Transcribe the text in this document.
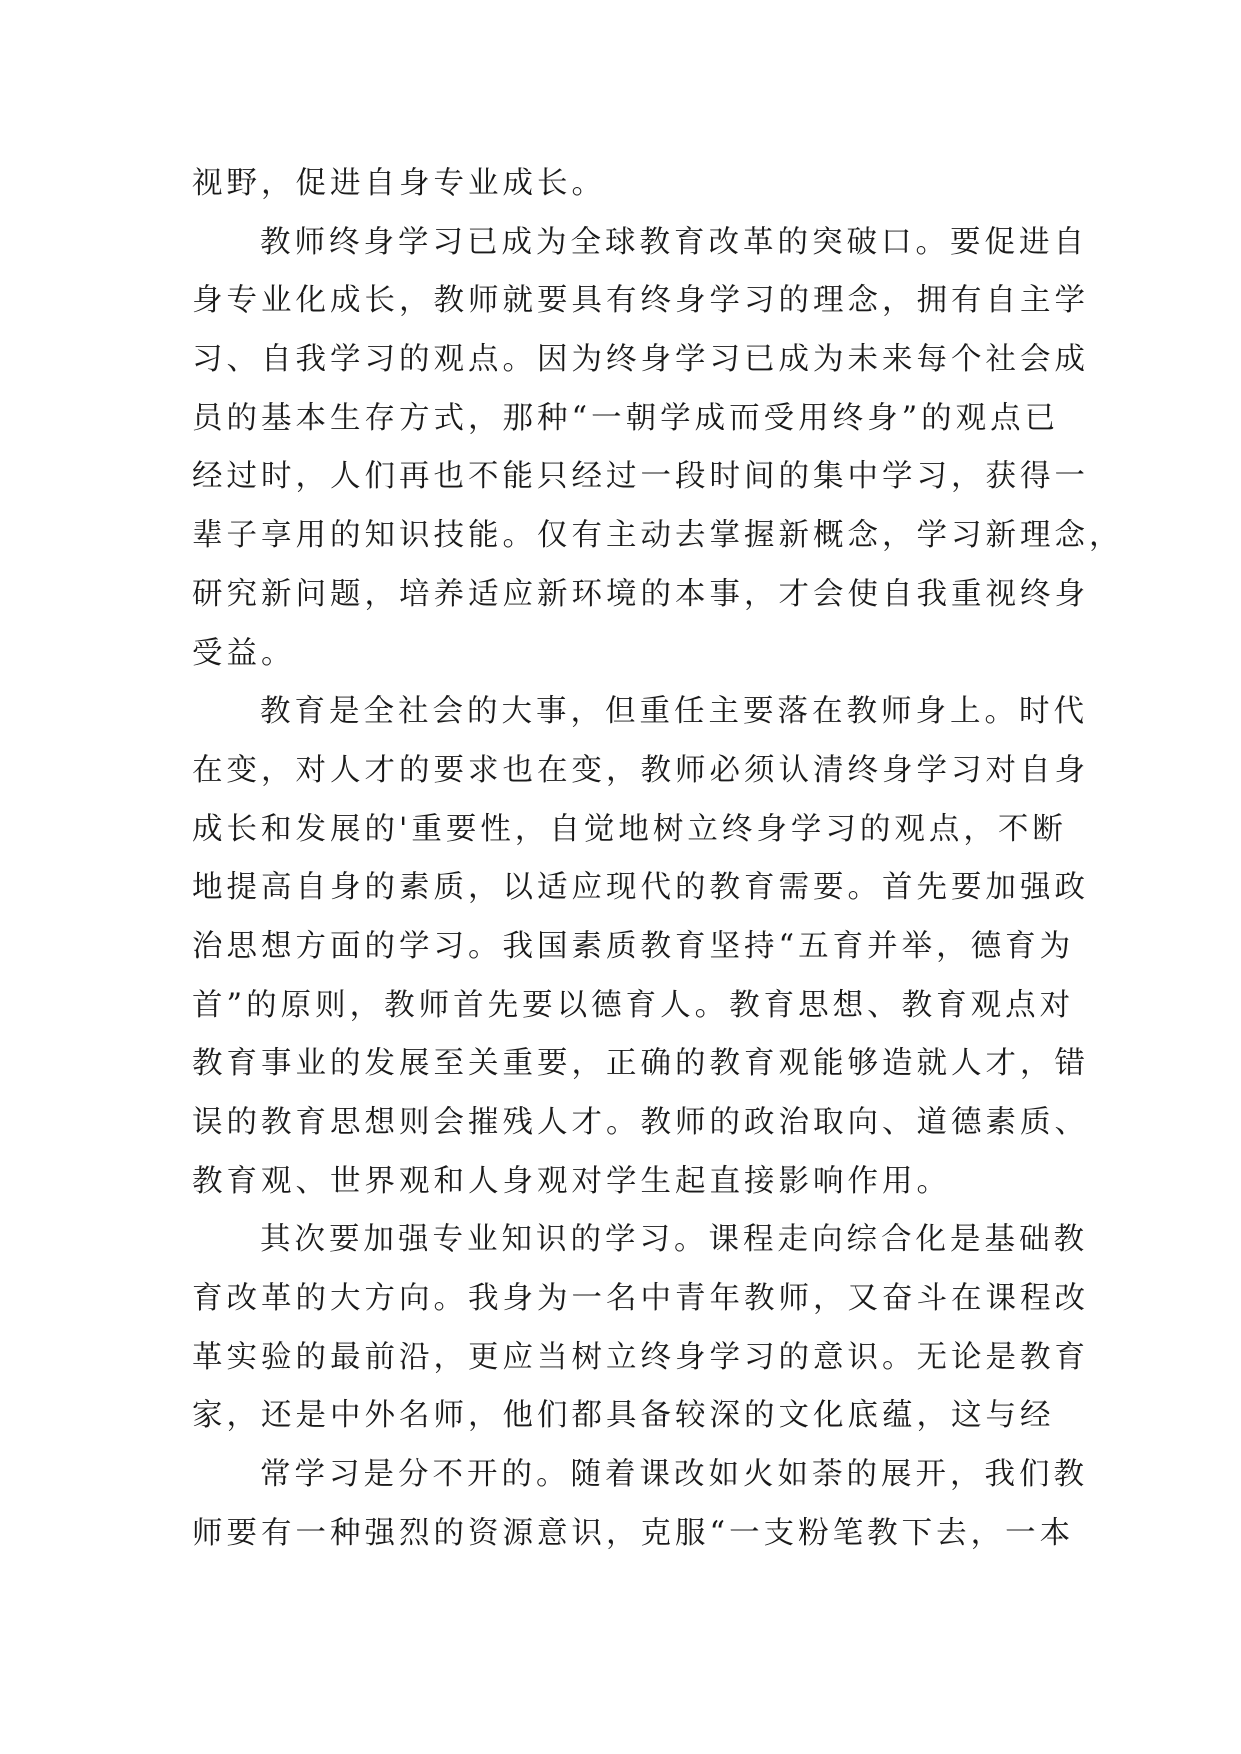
视野，促进自身专业成长。
教师终身学习已成为全球教育改革的突破口。要促进自
身专业化成长，教师就要具有终身学习的理念，拥有自主学
习、自我学习的观点。因为终身学习已成为未来每个社会成
员的基本生存方式，那种“一朝学成而受用终身”的观点已
经过时，人们再也不能只经过一段时间的集中学习，获得一
辈子享用的知识技能。仅有主动去掌握新概念，学习新理念，
研究新问题，培养适应新环境的本事，才会使自我重视终身
受益。
教育是全社会的大事，但重任主要落在教师身上。时代
在变，对人才的要求也在变，教师必须认清终身学习对自身
成长和发展的'重要性，自觉地树立终身学习的观点，不断
地提高自身的素质，以适应现代的教育需要。首先要加强政
治思想方面的学习。我国素质教育坚持“五育并举，德育为
首”的原则，教师首先要以德育人。教育思想、教育观点对
教育事业的发展至关重要，正确的教育观能够造就人才，错
误的教育思想则会摧残人才。教师的政治取向、道德素质、
教育观、世界观和人身观对学生起直接影响作用。
其次要加强专业知识的学习。课程走向综合化是基础教
育改革的大方向。我身为一名中青年教师，又奋斗在课程改
革实验的最前沿，更应当树立终身学习的意识。无论是教育
家，还是中外名师，他们都具备较深的文化底蕴，这与经
常学习是分不开的。随着课改如火如荼的展开，我们教
师要有一种强烈的资源意识，克服“一支粉笔教下去，一本
